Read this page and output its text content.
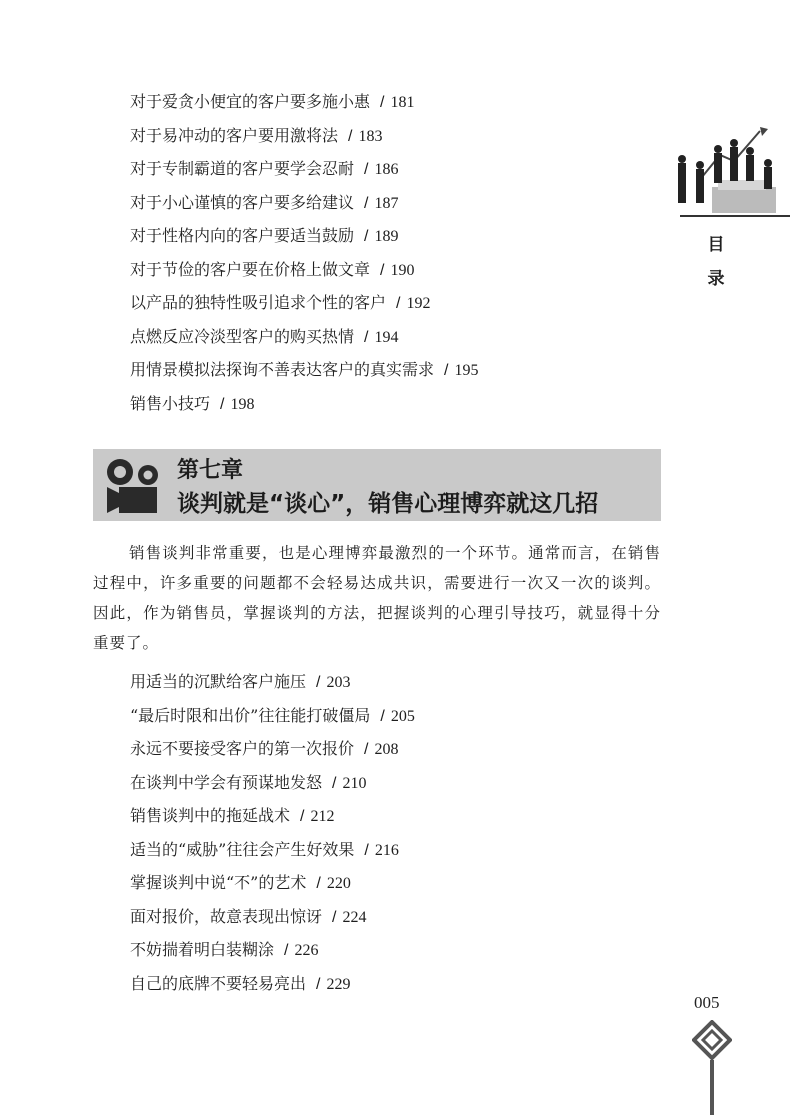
对于爱贪小便宜的客户要多施小惠 / 181
对于易冲动的客户要用激将法 / 183
对于专制霸道的客户要学会忍耐 / 186
对于小心谨慎的客户要多给建议 / 187
对于性格内向的客户要适当鼓励 / 189
对于节俭的客户要在价格上做文章 / 190
以产品的独特性吸引追求个性的客户 / 192
点燃反应冷淡型客户的购买热情 / 194
用情景模拟法探询不善表达客户的真实需求 / 195
销售小技巧 / 198
第七章
谈判就是“谈心”，销售心理博弈就这几招

销售谈判非常重要，也是心理博弈最激烈的一个环节。通常而言，在销售过程中，许多重要的问题都不会轻易达成共识，需要进行一次又一次的谈判。因此，作为销售员，掌握谈判的方法，把握谈判的心理引导技巧，就显得十分重要了。

用适当的沉默给客户施压 / 203
“最后时限和出价”往往能打破僵局 / 205
永远不要接受客户的第一次报价 / 208
在谈判中学会有预谋地发怒 / 210
销售谈判中的拖延战术 / 212
适当的“威胁”往往会产生好效果 / 216
掌握谈判中说“不”的艺术 / 220
面对报价，故意表现出惊讶 / 224
不妨揣着明白装糊涂 / 226
自己的底牌不要轻易亮出 / 229
目
录
005
